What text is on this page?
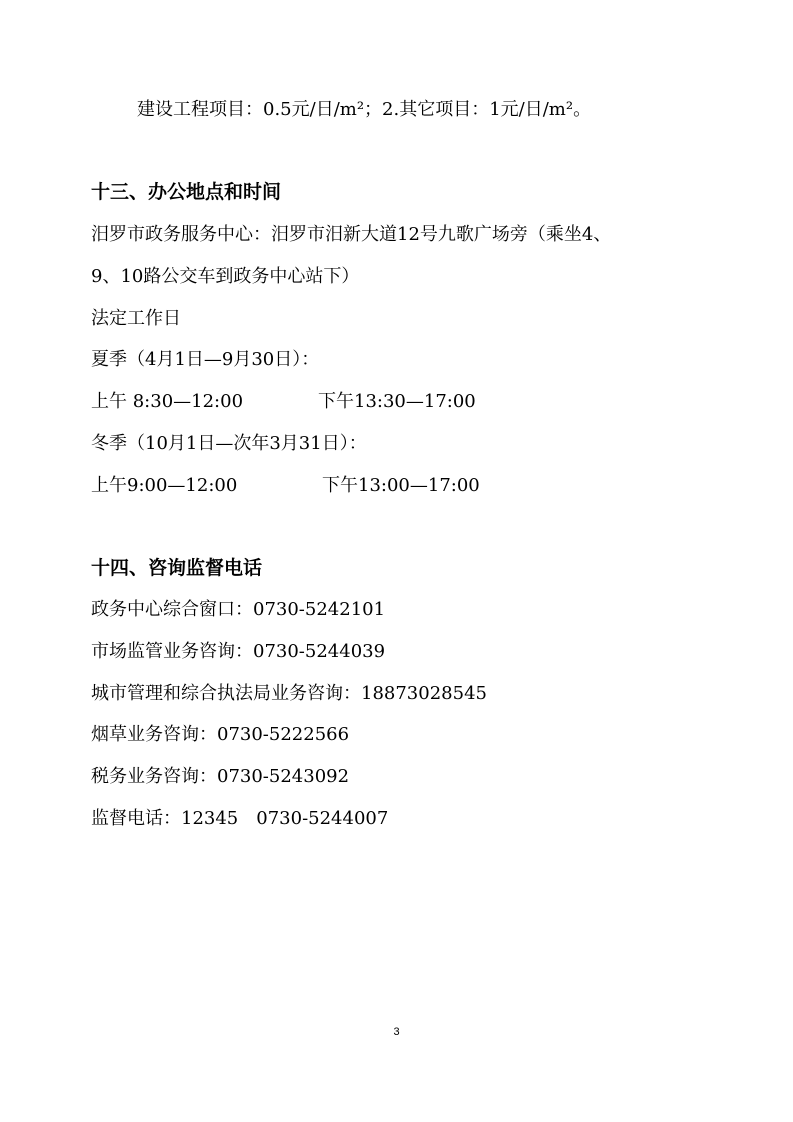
建设工程项目：0.5元/日/m²；2.其它项目：1元/日/m²。
十三、办公地点和时间
汨罗市政务服务中心：汨罗市汨新大道12号九歌广场旁（乘坐4、
9、10路公交车到政务中心站下）
法定工作日
夏季（4月1日—9月30日）：
上午 8:30—12:00	下午13:30—17:00
冬季（10月1日—次年3月31日）：
上午9:00—12:00	下午13:00—17:00
十四、咨询监督电话
政务中心综合窗口：0730-5242101
市场监管业务咨询：0730-5244039
城市管理和综合执法局业务咨询：18873028545
烟草业务咨询：0730-5222566
税务业务咨询：0730-5243092
监督电话：12345　0730-5244007
3
